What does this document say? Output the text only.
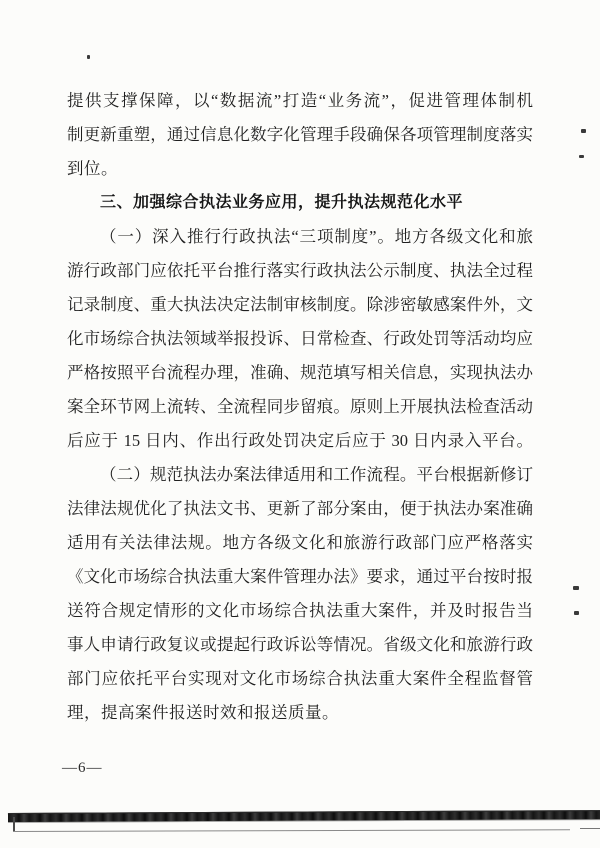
提供支撑保障，以“数据流”打造“业务流”，促进管理体制机
制更新重塑，通过信息化数字化管理手段确保各项管理制度落实
到位。
三、加强综合执法业务应用，提升执法规范化水平
（一）深入推行行政执法“三项制度”。地方各级文化和旅
游行政部门应依托平台推行落实行政执法公示制度、执法全过程
记录制度、重大执法决定法制审核制度。除涉密敏感案件外，文
化市场综合执法领域举报投诉、日常检查、行政处罚等活动均应
严格按照平台流程办理，准确、规范填写相关信息，实现执法办
案全环节网上流转、全流程同步留痕。原则上开展执法检查活动
后应于 15 日内、作出行政处罚决定后应于 30 日内录入平台。
（二）规范执法办案法律适用和工作流程。平台根据新修订
法律法规优化了执法文书、更新了部分案由，便于执法办案准确
适用有关法律法规。地方各级文化和旅游行政部门应严格落实
《文化市场综合执法重大案件管理办法》要求，通过平台按时报
送符合规定情形的文化市场综合执法重大案件，并及时报告当
事人申请行政复议或提起行政诉讼等情况。省级文化和旅游行政
部门应依托平台实现对文化市场综合执法重大案件全程监督管
理，提高案件报送时效和报送质量。
—6—
